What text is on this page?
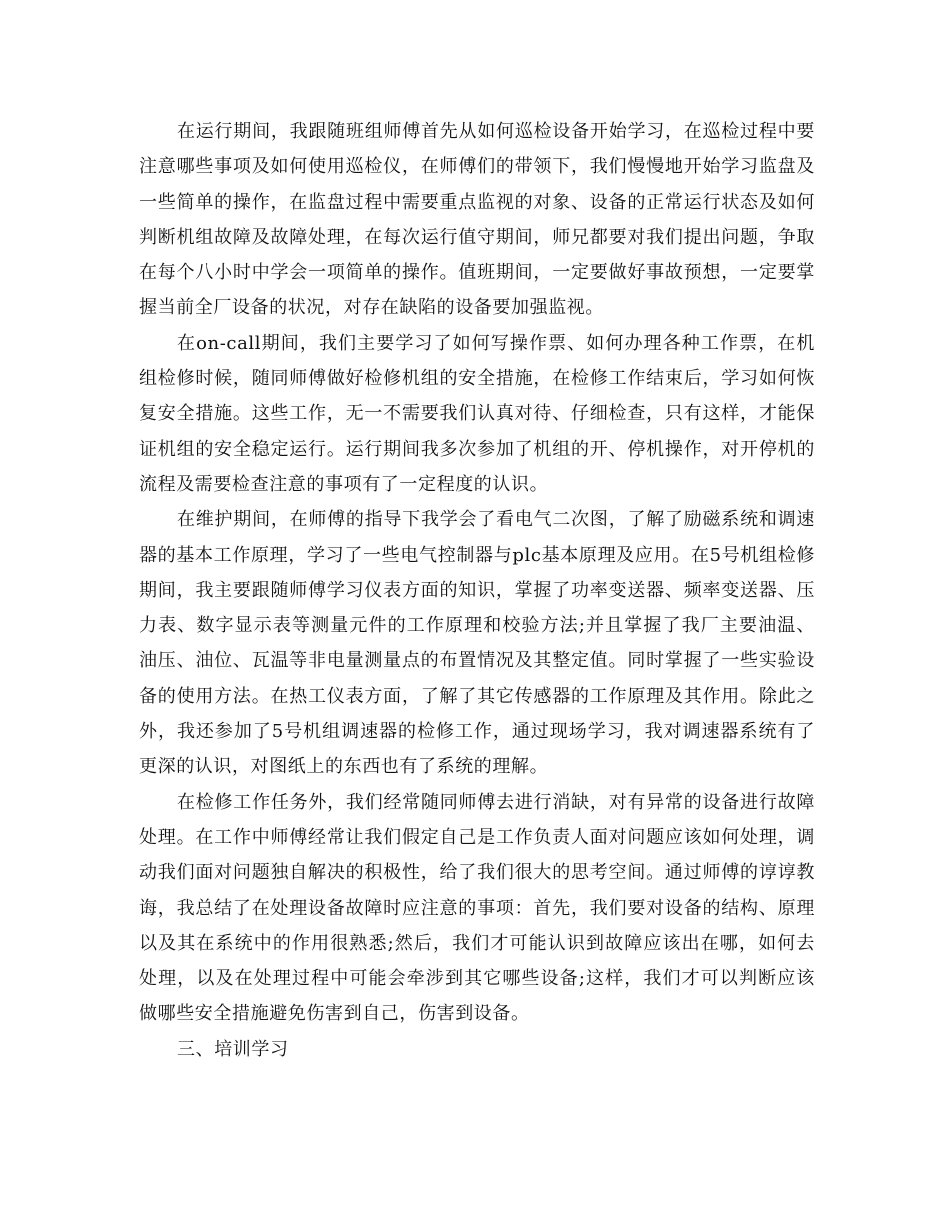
在运行期间，我跟随班组师傅首先从如何巡检设备开始学习，在巡检过程中要注意哪些事项及如何使用巡检仪，在师傅们的带领下，我们慢慢地开始学习监盘及一些简单的操作，在监盘过程中需要重点监视的对象、设备的正常运行状态及如何判断机组故障及故障处理，在每次运行值守期间，师兄都要对我们提出问题，争取在每个八小时中学会一项简单的操作。值班期间，一定要做好事故预想，一定要掌握当前全厂设备的状况，对存在缺陷的设备要加强监视。

在on-call期间，我们主要学习了如何写操作票、如何办理各种工作票，在机组检修时候，随同师傅做好检修机组的安全措施，在检修工作结束后，学习如何恢复安全措施。这些工作，无一不需要我们认真对待、仔细检查，只有这样，才能保证机组的安全稳定运行。运行期间我多次参加了机组的开、停机操作，对开停机的流程及需要检查注意的事项有了一定程度的认识。

在维护期间，在师傅的指导下我学会了看电气二次图，了解了励磁系统和调速器的基本工作原理，学习了一些电气控制器与plc基本原理及应用。在5号机组检修期间，我主要跟随师傅学习仪表方面的知识，掌握了功率变送器、频率变送器、压力表、数字显示表等测量元件的工作原理和校验方法;并且掌握了我厂主要油温、油压、油位、瓦温等非电量测量点的布置情况及其整定值。同时掌握了一些实验设备的使用方法。在热工仪表方面，了解了其它传感器的工作原理及其作用。除此之外，我还参加了5号机组调速器的检修工作，通过现场学习，我对调速器系统有了更深的认识，对图纸上的东西也有了系统的理解。

在检修工作任务外，我们经常随同师傅去进行消缺，对有异常的设备进行故障处理。在工作中师傅经常让我们假定自己是工作负责人面对问题应该如何处理，调动我们面对问题独自解决的积极性，给了我们很大的思考空间。通过师傅的谆谆教诲，我总结了在处理设备故障时应注意的事项：首先，我们要对设备的结构、原理以及其在系统中的作用很熟悉;然后，我们才可能认识到故障应该出在哪，如何去处理，以及在处理过程中可能会牵涉到其它哪些设备;这样，我们才可以判断应该做哪些安全措施避免伤害到自己，伤害到设备。

三、培训学习
